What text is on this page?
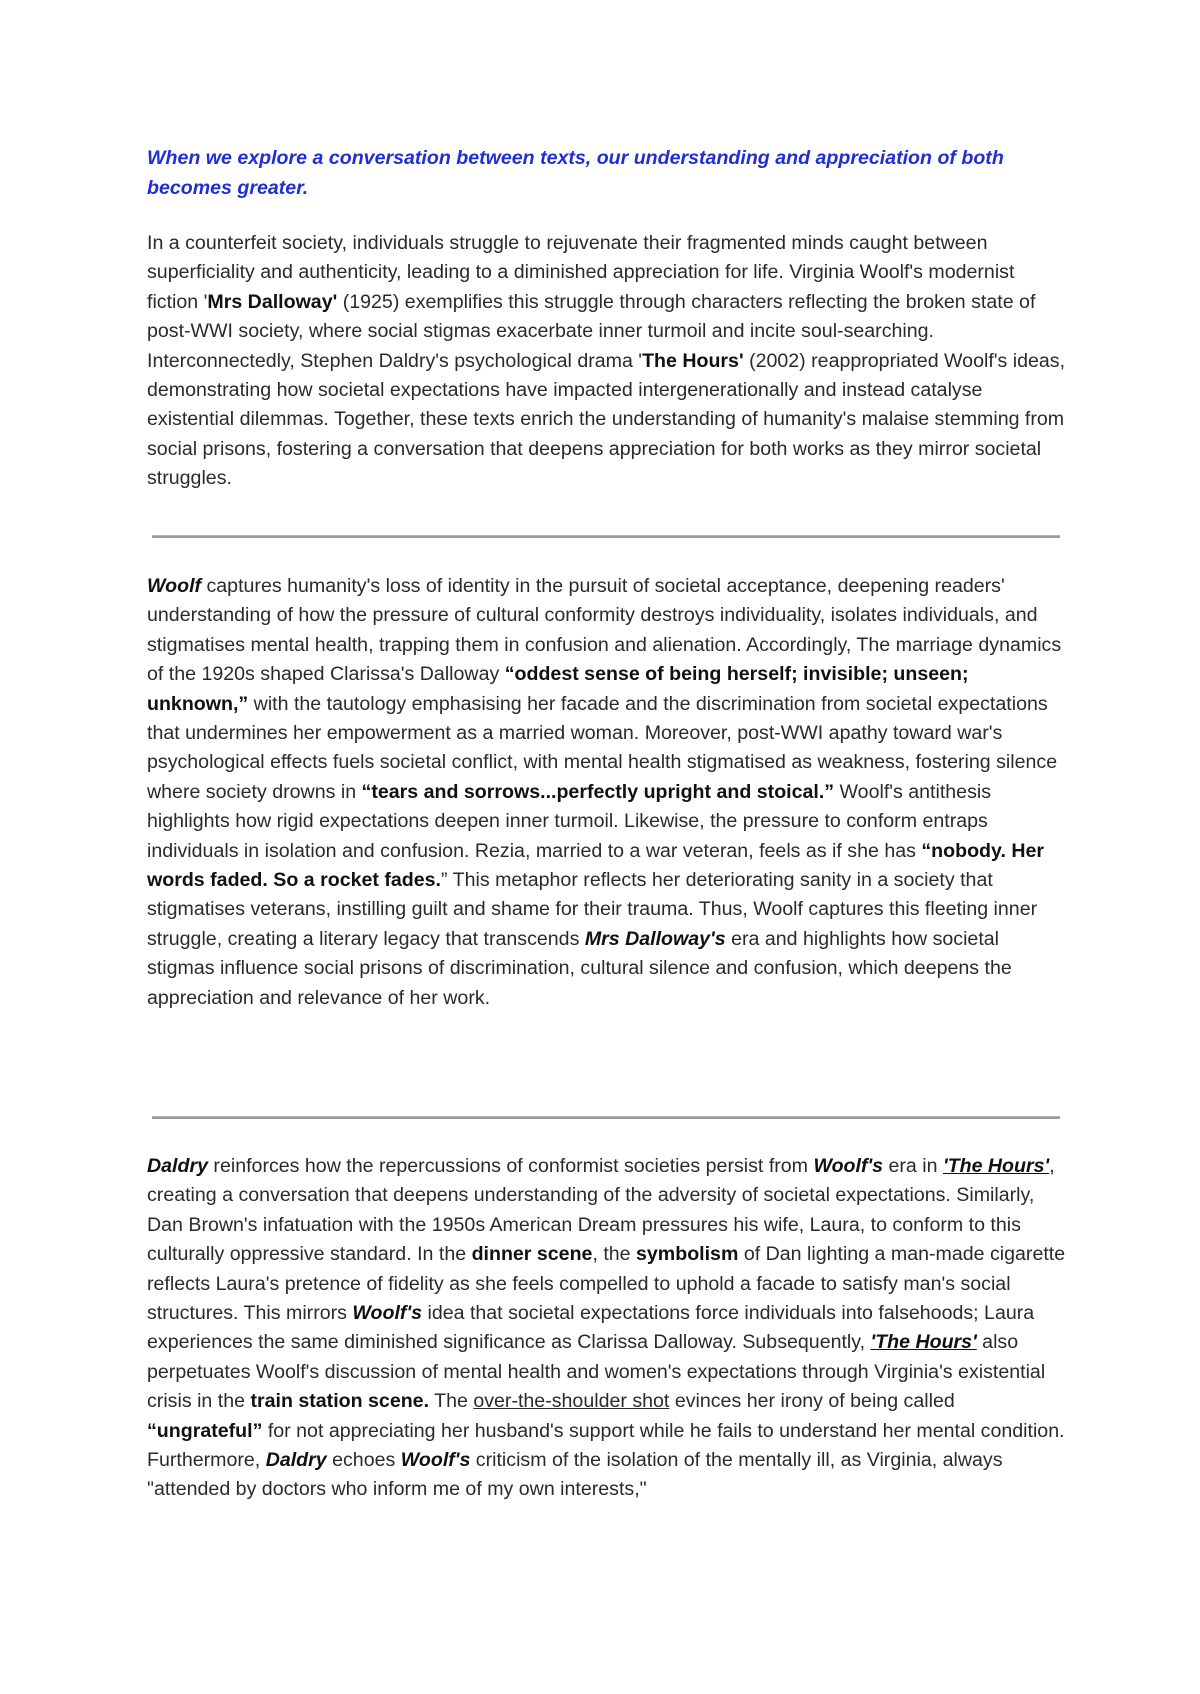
When we explore a conversation between texts, our understanding and appreciation of both becomes greater.

In a counterfeit society, individuals struggle to rejuvenate their fragmented minds caught between superficiality and authenticity, leading to a diminished appreciation for life. Virginia Woolf's modernist fiction 'Mrs Dalloway' (1925) exemplifies this struggle through characters reflecting the broken state of post-WWI society, where social stigmas exacerbate inner turmoil and incite soul-searching. Interconnectedly, Stephen Daldry's psychological drama 'The Hours' (2002) reappropriated Woolf's ideas, demonstrating how societal expectations have impacted intergenerationally and instead catalyse existential dilemmas. Together, these texts enrich the understanding of humanity's malaise stemming from social prisons, fostering a conversation that deepens appreciation for both works as they mirror societal struggles.

Woolf captures humanity's loss of identity in the pursuit of societal acceptance, deepening readers' understanding of how the pressure of cultural conformity destroys individuality, isolates individuals, and stigmatises mental health, trapping them in confusion and alienation. Accordingly, The marriage dynamics of the 1920s shaped Clarissa's Dalloway “oddest sense of being herself; invisible; unseen; unknown,” with the tautology emphasising her facade and the discrimination from societal expectations that undermines her empowerment as a married woman. Moreover, post-WWI apathy toward war's psychological effects fuels societal conflict, with mental health stigmatised as weakness, fostering silence where society drowns in “tears and sorrows...perfectly upright and stoical.” Woolf's antithesis highlights how rigid expectations deepen inner turmoil. Likewise, the pressure to conform entraps individuals in isolation and confusion. Rezia, married to a war veteran, feels as if she has “nobody. Her words faded. So a rocket fades.” This metaphor reflects her deteriorating sanity in a society that stigmatises veterans, instilling guilt and shame for their trauma. Thus, Woolf captures this fleeting inner struggle, creating a literary legacy that transcends Mrs Dalloway's era and highlights how societal stigmas influence social prisons of discrimination, cultural silence and confusion, which deepens the appreciation and relevance of her work.

Daldry reinforces how the repercussions of conformist societies persist from Woolf's era in 'The Hours', creating a conversation that deepens understanding of the adversity of societal expectations. Similarly, Dan Brown's infatuation with the 1950s American Dream pressures his wife, Laura, to conform to this culturally oppressive standard. In the dinner scene, the symbolism of Dan lighting a man-made cigarette reflects Laura's pretence of fidelity as she feels compelled to uphold a facade to satisfy man's social structures. This mirrors Woolf's idea that societal expectations force individuals into falsehoods; Laura experiences the same diminished significance as Clarissa Dalloway. Subsequently, 'The Hours' also perpetuates Woolf's discussion of mental health and women's expectations through Virginia's existential crisis in the train station scene. The over-the-shoulder shot evinces her irony of being called “ungrateful” for not appreciating her husband's support while he fails to understand her mental condition. Furthermore, Daldry echoes Woolf's criticism of the isolation of the mentally ill, as Virginia, always "attended by doctors who inform me of my own interests,"
